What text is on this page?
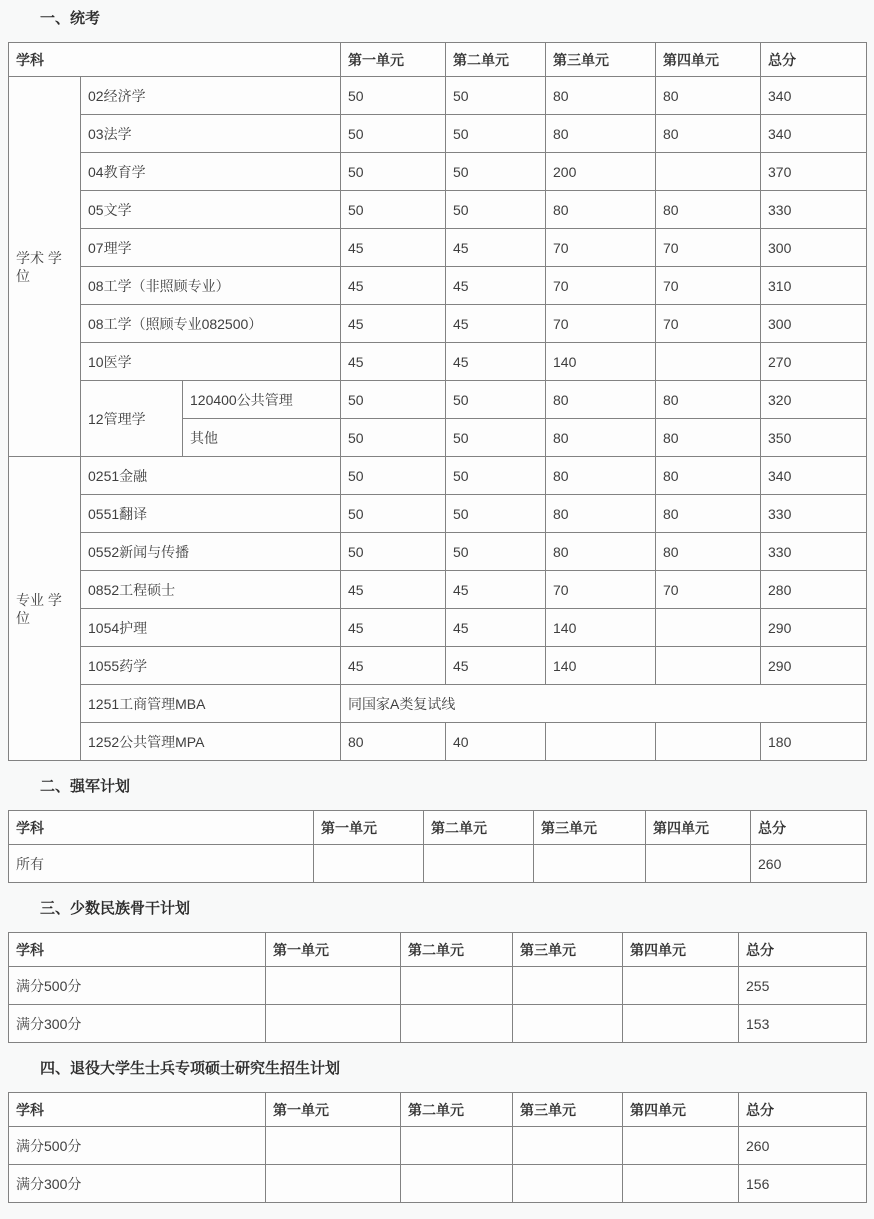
一、统考
学科			第一单元	第二单元	第三单元	第四单元	总分
学术 学位	02经济学		50	50	80	80	340
	03法学		50	50	80	80	340
	04教育学		50	50	200		370
	05文学		50	50	80	80	330
	07理学		45	45	70	70	300
	08工学（非照顾专业）		45	45	70	70	310
	08工学（照顾专业082500）		45	45	70	70	300
	10医学		45	45	140		270
	12管理学	120400公共管理	50	50	80	80	320
		其他	50	50	80	80	350
专业 学位	0251金融		50	50	80	80	340
	0551翻译		50	50	80	80	330
	0552新闻与传播		50	50	80	80	330
	0852工程硕士		45	45	70	70	280
	1054护理		45	45	140		290
	1055药学		45	45	140		290
	1251工商管理MBA		同国家A类复试线				
	1252公共管理MPA		80	40			180
二、强军计划
学科	第一单元	第二单元	第三单元	第四单元	总分
所有					260
三、少数民族骨干计划
学科	第一单元	第二单元	第三单元	第四单元	总分
满分500分					255
满分300分					153
四、退役大学生士兵专项硕士研究生招生计划
学科	第一单元	第二单元	第三单元	第四单元	总分
满分500分					260
满分300分					156
